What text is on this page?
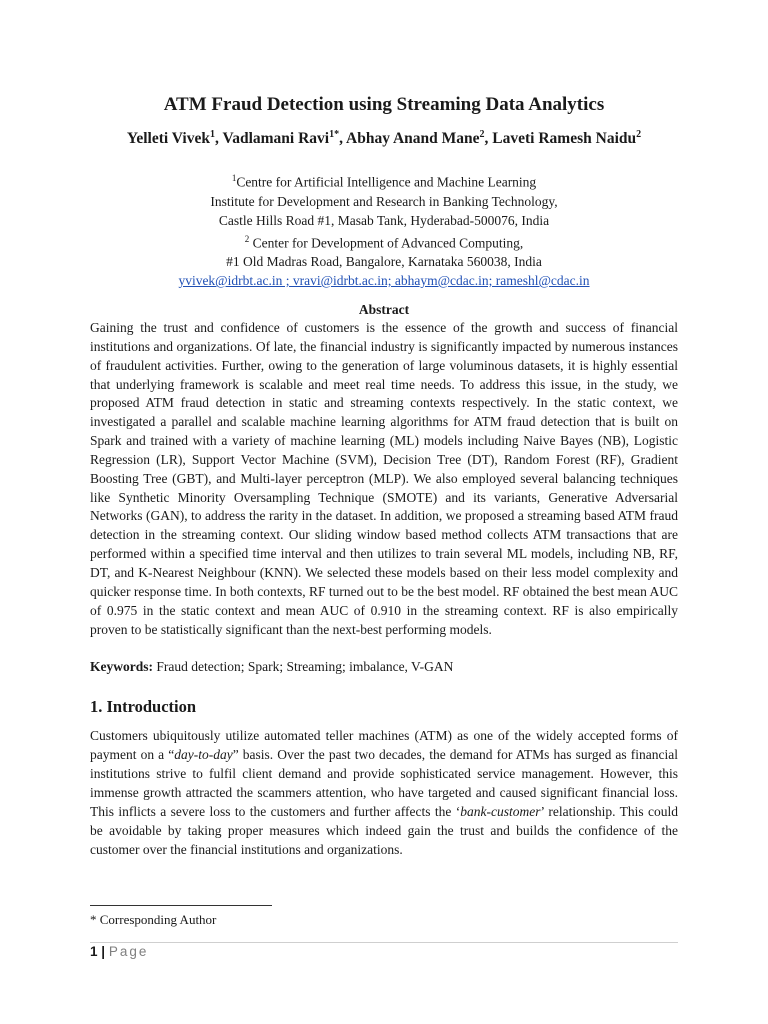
ATM Fraud Detection using Streaming Data Analytics
Yelleti Vivek$^1$, Vadlamani Ravi$^{1*}$, Abhay Anand Mane$^2$, Laveti Ramesh Naidu$^2$
$^1$Centre for Artificial Intelligence and Machine Learning
Institute for Development and Research in Banking Technology,
Castle Hills Road #1, Masab Tank, Hyderabad-500076, India
$^2$ Center for Development of Advanced Computing,
#1 Old Madras Road, Bangalore, Karnataka 560038, India
yvivek@idrbt.ac.in ; vravi@idrbt.ac.in; abhaym@cdac.in; rameshl@cdac.in
Abstract

Gaining the trust and confidence of customers is the essence of the growth and success of financial institutions and organizations. Of late, the financial industry is significantly impacted by numerous instances of fraudulent activities. Further, owing to the generation of large voluminous datasets, it is highly essential that underlying framework is scalable and meet real time needs. To address this issue, in the study, we proposed ATM fraud detection in static and streaming contexts respectively. In the static context, we investigated a parallel and scalable machine learning algorithms for ATM fraud detection that is built on Spark and trained with a variety of machine learning (ML) models including Naive Bayes (NB), Logistic Regression (LR), Support Vector Machine (SVM), Decision Tree (DT), Random Forest (RF), Gradient Boosting Tree (GBT), and Multi-layer perceptron (MLP). We also employed several balancing techniques like Synthetic Minority Oversampling Technique (SMOTE) and its variants, Generative Adversarial Networks (GAN), to address the rarity in the dataset. In addition, we proposed a streaming based ATM fraud detection in the streaming context. Our sliding window based method collects ATM transactions that are performed within a specified time interval and then utilizes to train several ML models, including NB, RF, DT, and K-Nearest Neighbour (KNN). We selected these models based on their less model complexity and quicker response time. In both contexts, RF turned out to be the best model. RF obtained the best mean AUC of 0.975 in the static context and mean AUC of 0.910 in the streaming context. RF is also empirically proven to be statistically significant than the next-best performing models.

Keywords: Fraud detection; Spark; Streaming; imbalance, V-GAN

1. Introduction

Customers ubiquitously utilize automated teller machines (ATM) as one of the widely accepted forms of payment on a “day-to-day” basis. Over the past two decades, the demand for ATMs has surged as financial institutions strive to fulfil client demand and provide sophisticated service management. However, this immense growth attracted the scammers attention, who have targeted and caused significant financial loss. This inflicts a severe loss to the customers and further affects the ‘bank-customer’ relationship. This could be avoidable by taking proper measures which indeed gain the trust and builds the confidence of the customer over the financial institutions and organizations.

* Corresponding Author
1 | Page
